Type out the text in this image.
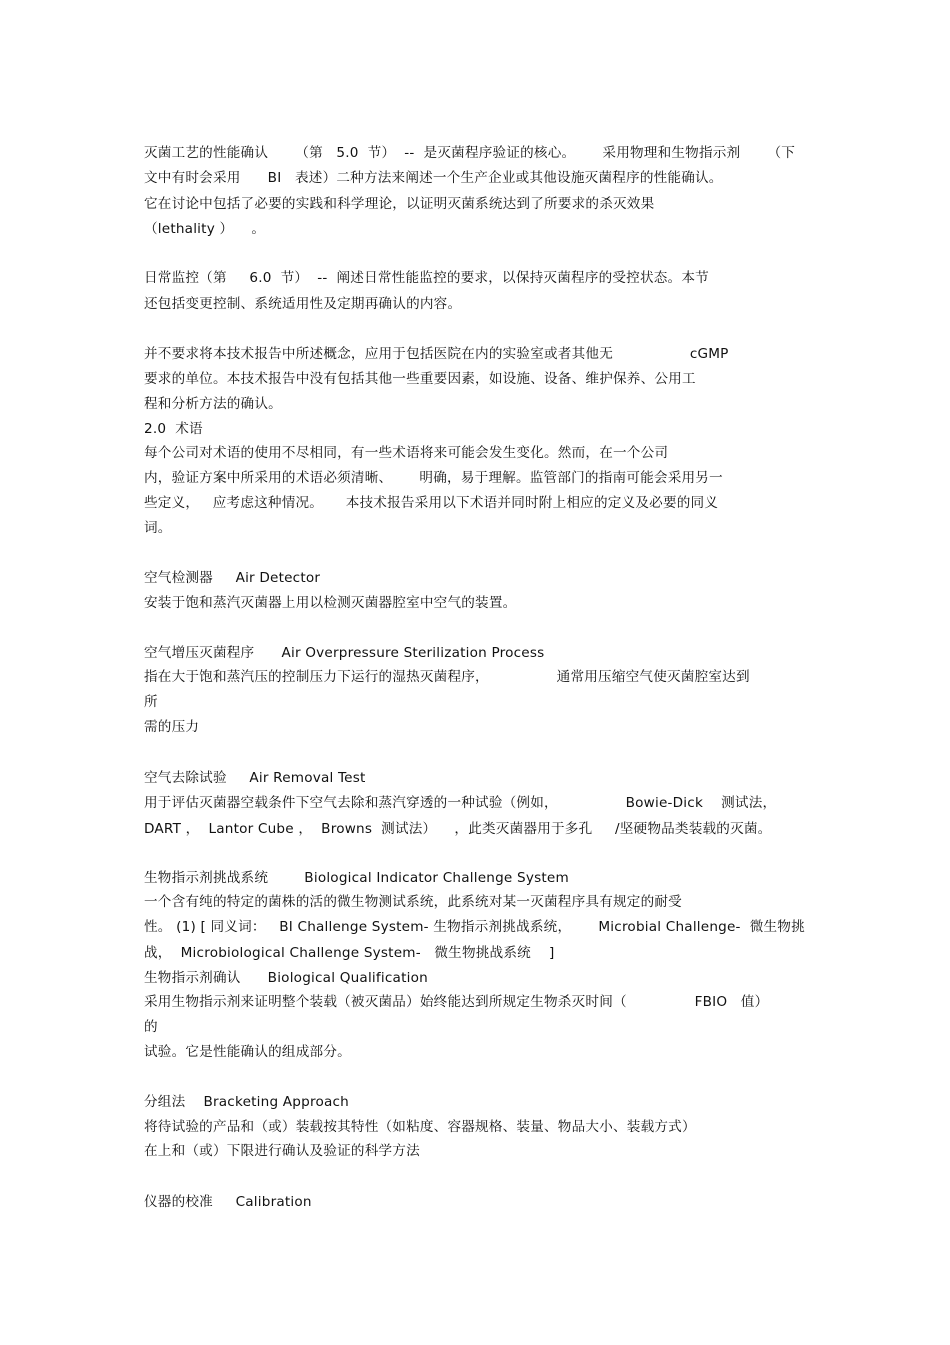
灭菌工艺的性能确认      （第   5.0  节）  --  是灭菌程序验证的核心。      采用物理和生物指示剂      （下
文中有时会采用      BI   表述）二种方法来阐述一个生产企业或其他设施灭菌程序的性能确认。
它在讨论中包括了必要的实践和科学理论，以证明灭菌系统达到了所要求的杀灭效果
（lethality ）    。
日常监控（第     6.0  节）  --  阐述日常性能监控的要求，以保持灭菌程序的受控状态。本节
还包括变更控制、系统适用性及定期再确认的内容。
并不要求将本技术报告中所述概念，应用于包括医院在内的实验室或者其他无                 cGMP
要求的单位。本技术报告中没有包括其他一些重要因素，如设施、设备、维护保养、公用工
程和分析方法的确认。
2.0  术语
每个公司对术语的使用不尽相同，有一些术语将来可能会发生变化。然而，在一个公司
内，验证方案中所采用的术语必须清晰、      明确，易于理解。监管部门的指南可能会采用另一
些定义，   应考虑这种情况。     本技术报告采用以下术语并同时附上相应的定义及必要的同义
词。
空气检测器     Air Detector
安装于饱和蒸汽灭菌器上用以检测灭菌器腔室中空气的装置。
空气增压灭菌程序      Air Overpressure Sterilization Process
指在大于饱和蒸汽压的控制压力下运行的湿热灭菌程序，               通常用压缩空气使灭菌腔室达到
所
需的压力
空气去除试验     Air Removal Test
用于评估灭菌器空载条件下空气去除和蒸汽穿透的一种试验（例如，               Bowie-Dick    测试法，
DART ，  Lantor Cube ，  Browns  测试法）    ，此类灭菌器用于多孔     /坚硬物品类装载的灭菌。
生物指示剂挑战系统        Biological Indicator Challenge System
一个含有纯的特定的菌株的活的微生物测试系统，此系统对某一灭菌程序具有规定的耐受
性。 (1) [ 同义词：   BI Challenge System- 生物指示剂挑战系统，      Microbial Challenge-  微生物挑
战，  Microbiological Challenge System-   微生物挑战系统    ]
生物指示剂确认      Biological Qualification
采用生物指示剂来证明整个装载（被灭菌品）始终能达到所规定生物杀灭时间（               FBIO   值）
的
试验。它是性能确认的组成部分。
分组法    Bracketing Approach
将待试验的产品和（或）装载按其特性（如粘度、容器规格、装量、物品大小、装载方式）
在上和（或）下限进行确认及验证的科学方法
仪器的校准     Calibration
